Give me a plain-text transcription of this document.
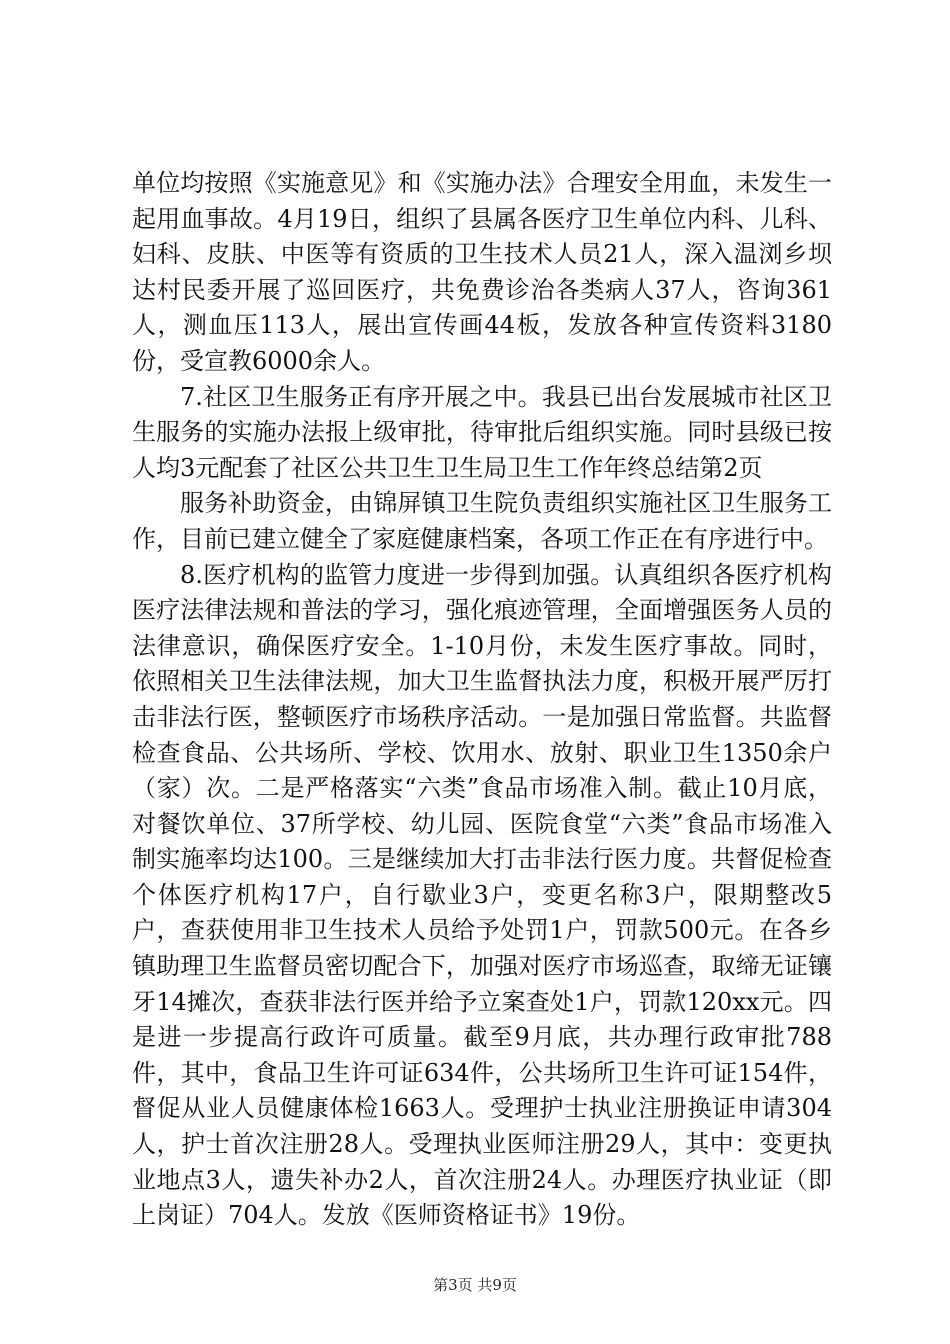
单位均按照《实施意见》和《实施办法》合理安全用血，未发生一起用血事故。4月19日，组织了县属各医疗卫生单位内科、儿科、妇科、皮肤、中医等有资质的卫生技术人员21人，深入温浏乡坝达村民委开展了巡回医疗，共免费诊治各类病人37人，咨询361人，测血压113人，展出宣传画44板，发放各种宣传资料3180份，受宣教6000余人。

7.社区卫生服务正有序开展之中。我县已出台发展城市社区卫生服务的实施办法报上级审批，待审批后组织实施。同时县级已按人均3元配套了社区公共卫生卫生局卫生工作年终总结第2页

服务补助资金，由锦屏镇卫生院负责组织实施社区卫生服务工作，目前已建立健全了家庭健康档案，各项工作正在有序进行中。

8.医疗机构的监管力度进一步得到加强。认真组织各医疗机构医疗法律法规和普法的学习，强化痕迹管理，全面增强医务人员的法律意识，确保医疗安全。1-10月份，未发生医疗事故。同时，依照相关卫生法律法规，加大卫生监督执法力度，积极开展严厉打击非法行医，整顿医疗市场秩序活动。一是加强日常监督。共监督检查食品、公共场所、学校、饮用水、放射、职业卫生1350余户（家）次。二是严格落实“六类”食品市场准入制。截止10月底，对餐饮单位、37所学校、幼儿园、医院食堂“六类”食品市场准入制实施率均达100。三是继续加大打击非法行医力度。共督促检查个体医疗机构17户，自行歇业3户，变更名称3户，限期整改5户，查获使用非卫生技术人员给予处罚1户，罚款500元。在各乡镇助理卫生监督员密切配合下，加强对医疗市场巡查，取缔无证镶牙14摊次，查获非法行医并给予立案查处1户，罚款120xx元。四是进一步提高行政许可质量。截至9月底，共办理行政审批788件，其中，食品卫生许可证634件，公共场所卫生许可证154件，督促从业人员健康体检1663人。受理护士执业注册换证申请304人，护士首次注册28人。受理执业医师注册29人，其中：变更执业地点3人，遗失补办2人，首次注册24人。办理医疗执业证（即上岗证）704人。发放《医师资格证书》19份。

第3页 共9页
